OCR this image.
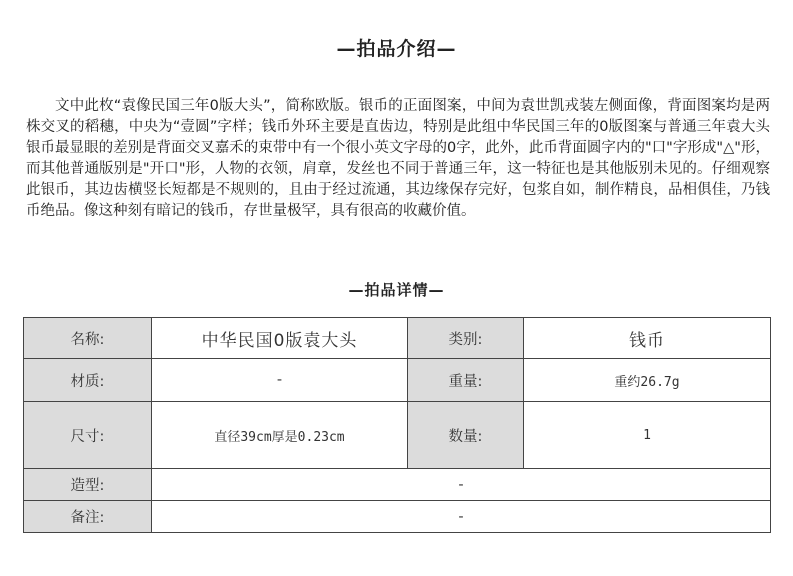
—拍品介绍—

文中此枚“袁像民国三年0版大头”，简称欧版。银币的正面图案，中间为袁世凯戎装左侧面像，背面图案均是两株交叉的稻穗，中央为“壹圆”字样；钱币外环主要是直齿边，特别是此组中华民国三年的0版图案与普通三年袁大头银币最显眼的差别是背面交叉嘉禾的束带中有一个很小英文字母的0字，此外，此币背面圆字内的"口"字形成"△"形，而其他普通版别是"开口"形，人物的衣领，肩章，发丝也不同于普通三年，这一特征也是其他版别未见的。仔细观察此银币，其边齿横竖长短都是不规则的，且由于经过流通，其边缘保存完好，包浆自如，制作精良，品相俱佳，乃钱币绝品。像这种刻有暗记的钱币，存世量极罕，具有很高的收藏价值。

—拍品详情—
名称:	中华民国0版袁大头	类别:	钱币
材质:	-	重量:	重约26.7g
尺寸:	直径39cm厚是0.23cm	数量:	1
造型:	-		
备注:	-		
